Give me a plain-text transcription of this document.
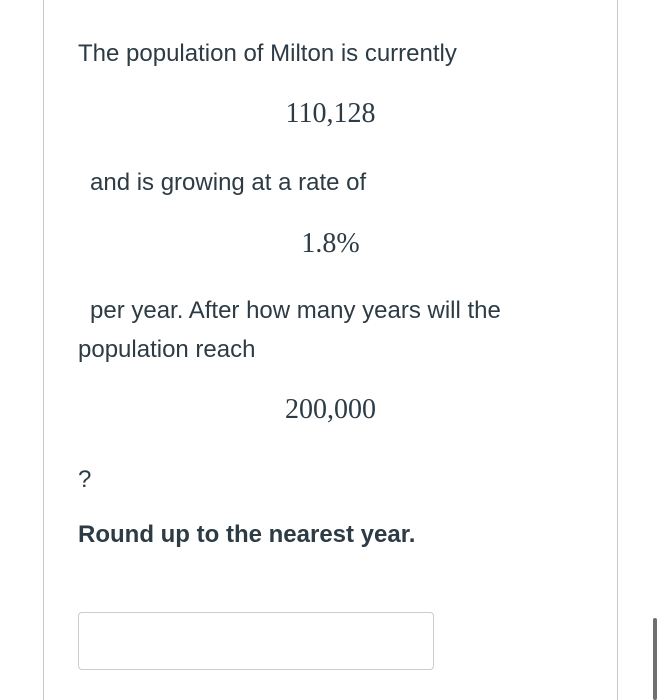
The population of Milton is currently
110,128
and is growing at a rate of
1.8%
per year. After how many years will the
population reach
200,000
?
Round up to the nearest year.
